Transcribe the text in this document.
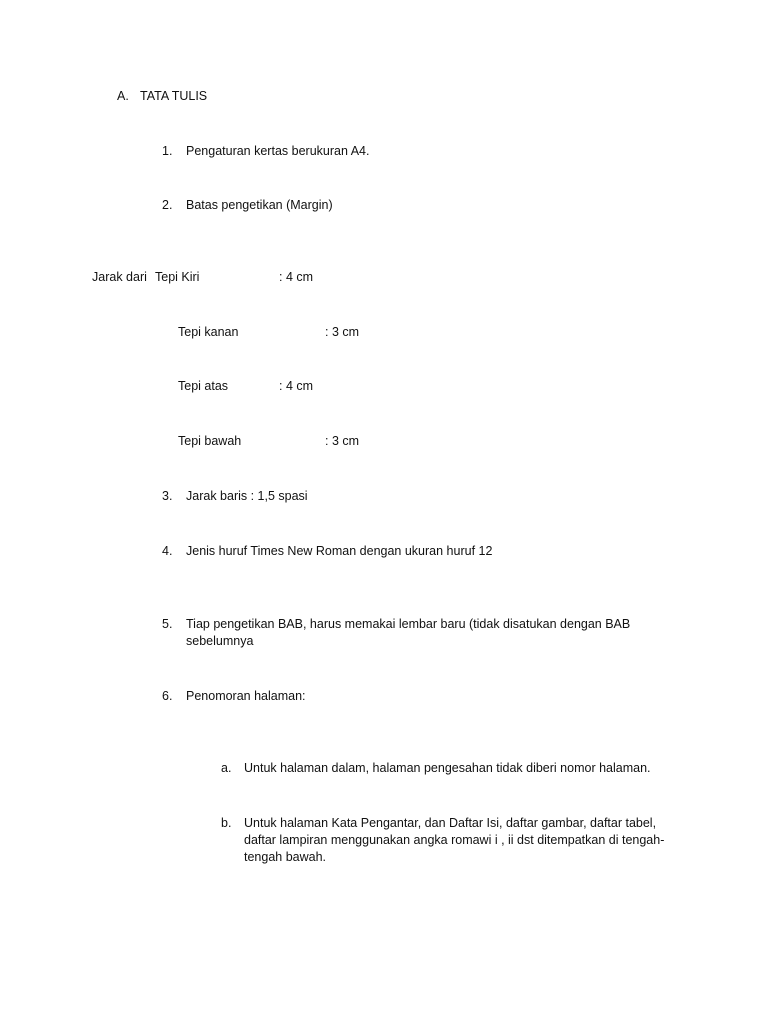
A. TATA TULIS
1. Pengaturan kertas berukuran A4.
2. Batas pengetikan (Margin)
Jarak dari Tepi Kiri	: 4 cm
Tepi kanan	: 3 cm
Tepi atas	: 4 cm
Tepi bawah	: 3 cm
3. Jarak baris : 1,5 spasi
4. Jenis huruf Times New Roman dengan ukuran huruf 12
5. Tiap pengetikan BAB, harus memakai lembar baru (tidak disatukan dengan BAB sebelumnya
6. Penomoran halaman:
a. Untuk halaman dalam, halaman pengesahan tidak diberi nomor halaman.
b. Untuk halaman Kata Pengantar, dan Daftar Isi, daftar gambar, daftar tabel, daftar lampiran menggunakan angka romawi i , ii dst ditempatkan di tengah-tengah bawah.
